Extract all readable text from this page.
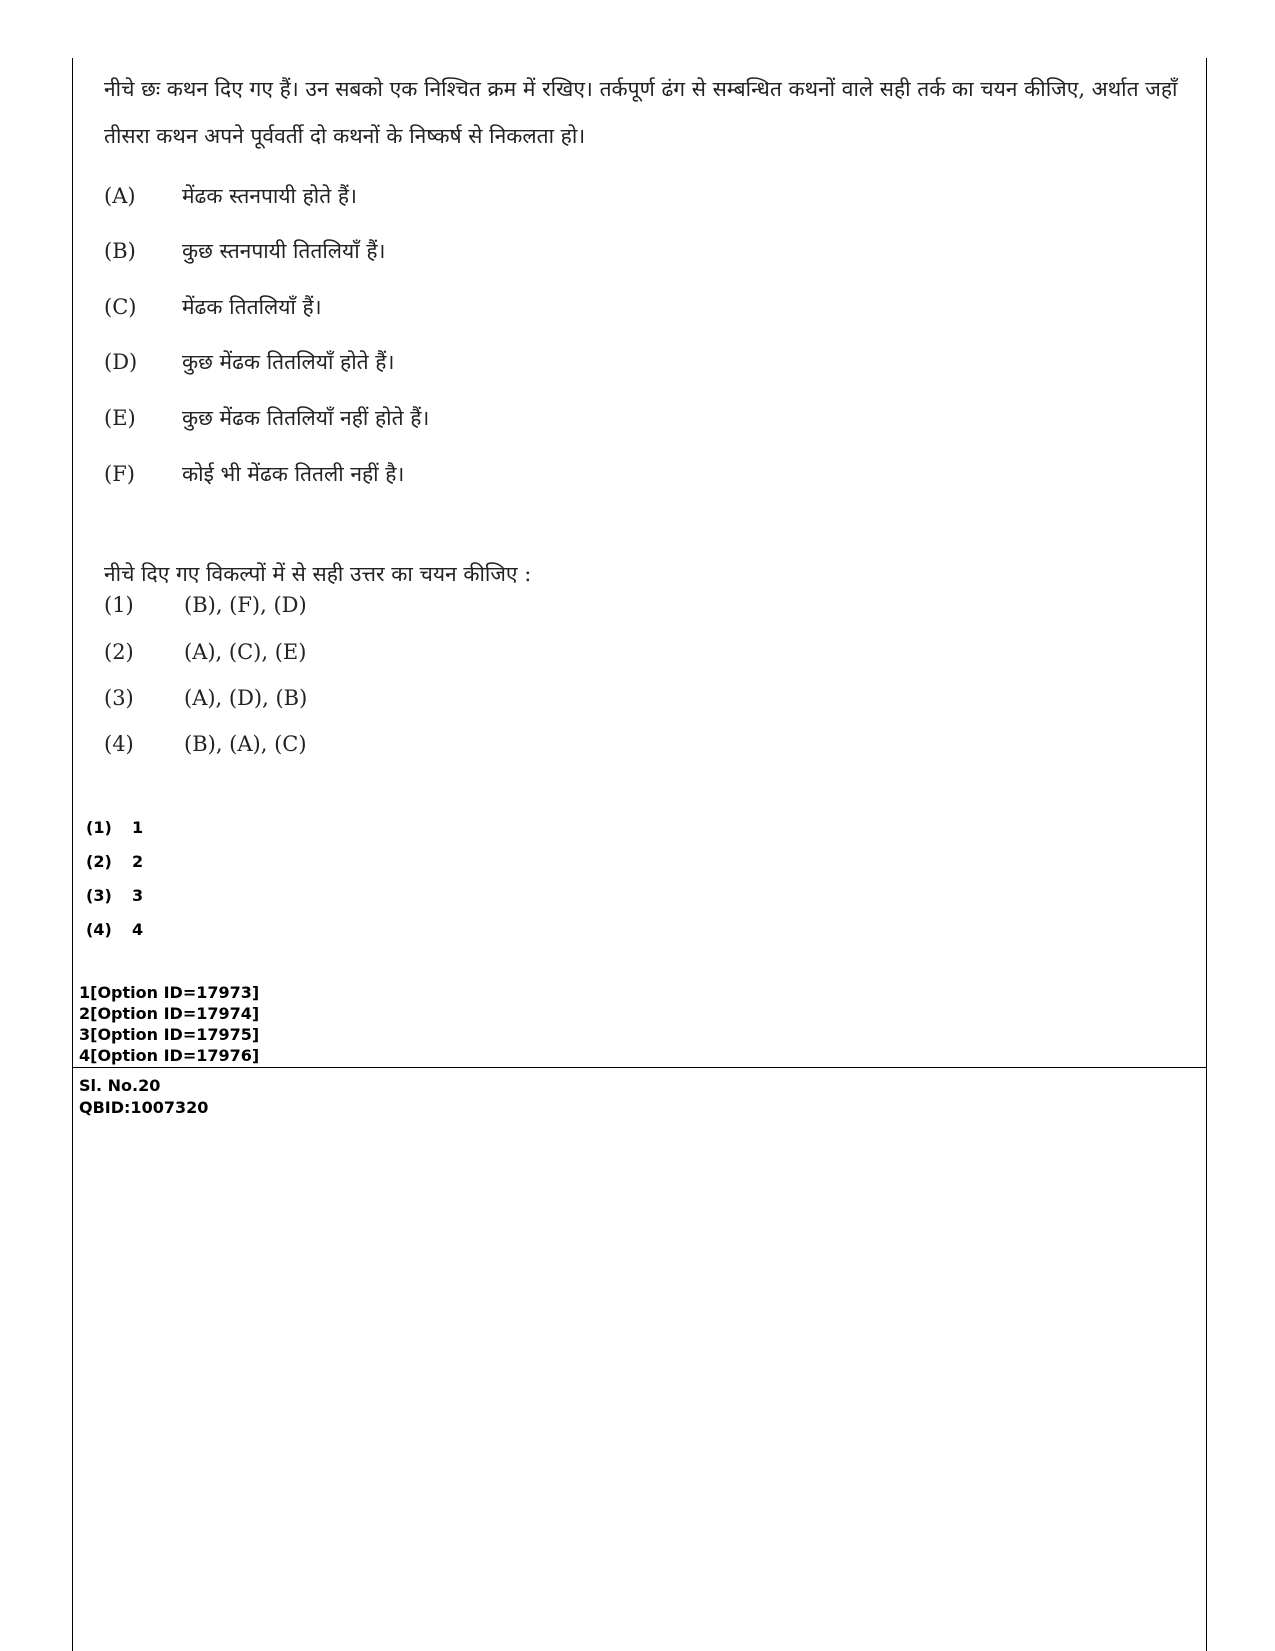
नीचे छः कथन दिए गए हैं। उन सबको एक निश्चित क्रम में रखिए। तर्कपूर्ण ढंग से सम्बन्धित कथनों वाले सही तर्क का चयन कीजिए, अर्थात जहाँ तीसरा कथन अपने पूर्ववर्ती दो कथनों के निष्कर्ष से निकलता हो।
(A) मेंढक स्तनपायी होते हैं।
(B) कुछ स्तनपायी तितलियाँ हैं।
(C) मेंढक तितलियाँ हैं।
(D) कुछ मेंढक तितलियाँ होते हैं।
(E) कुछ मेंढक तितलियाँ नहीं होते हैं।
(F) कोई भी मेंढक तितली नहीं है।
नीचे दिए गए विकल्पों में से सही उत्तर का चयन कीजिए :
(1) (B), (F), (D)
(2) (A), (C), (E)
(3) (A), (D), (B)
(4) (B), (A), (C)
(1) 1
(2) 2
(3) 3
(4) 4
1[Option ID=17973]
2[Option ID=17974]
3[Option ID=17975]
4[Option ID=17976]
Sl. No.20
QBID:1007320
